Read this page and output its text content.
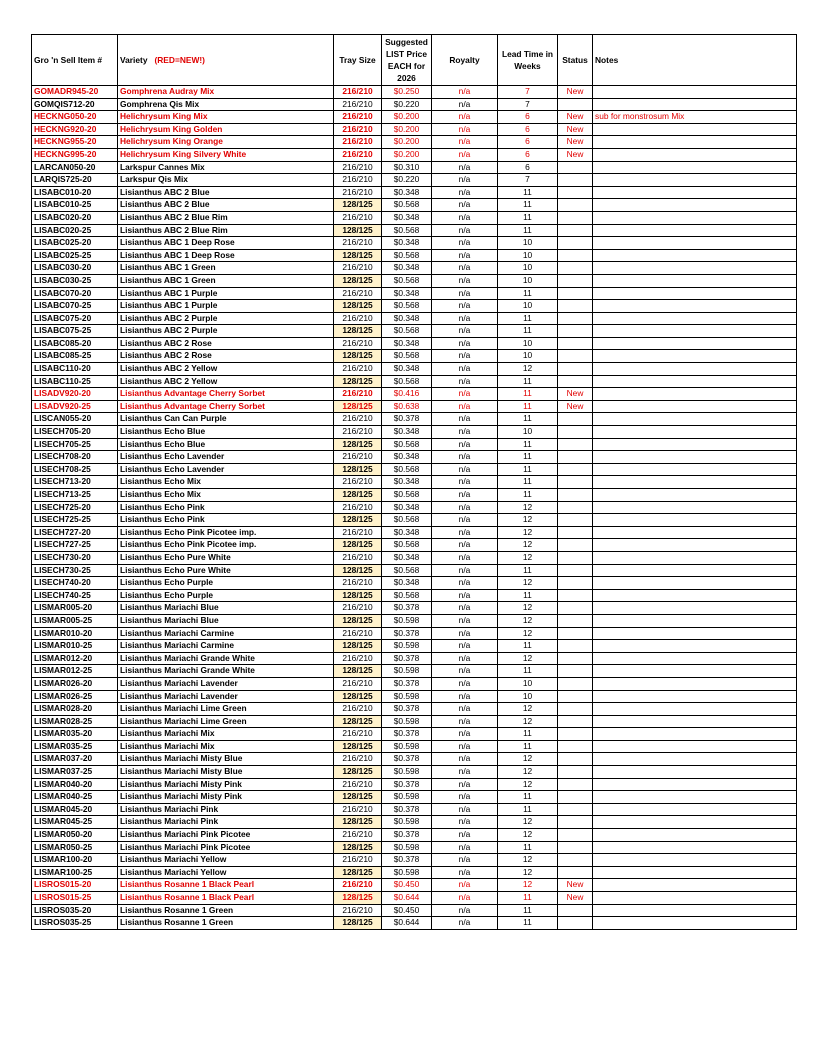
Gro 'n Sell Item #	Variety (RED=NEW!)	Tray Size	Suggested LIST Price EACH for 2026	Royalty	Lead Time in Weeks	Status	Notes
GOMADR945-20	Gomphrena Audray Mix	216/210	$0.250	n/a	7	New	
GOMQIS712-20	Gomphrena Qis Mix	216/210	$0.220	n/a	7		
HECKNG050-20	Helichrysum King Mix	216/210	$0.200	n/a	6	New	sub for monstrosum Mix
HECKNG920-20	Helichrysum King Golden	216/210	$0.200	n/a	6	New	
HECKNG955-20	Helichrysum King Orange	216/210	$0.200	n/a	6	New	
HECKNG995-20	Helichrysum King Silvery White	216/210	$0.200	n/a	6	New	
LARCAN050-20	Larkspur Cannes Mix	216/210	$0.310	n/a	6		
LARQIS725-20	Larkspur Qis Mix	216/210	$0.220	n/a	7		
LISABC010-20	Lisianthus ABC 2 Blue	216/210	$0.348	n/a	11		
LISABC010-25	Lisianthus ABC 2 Blue	128/125	$0.568	n/a	11		
LISABC020-20	Lisianthus ABC 2 Blue Rim	216/210	$0.348	n/a	11		
LISABC020-25	Lisianthus ABC 2 Blue Rim	128/125	$0.568	n/a	11		
LISABC025-20	Lisianthus ABC 1 Deep Rose	216/210	$0.348	n/a	10		
LISABC025-25	Lisianthus ABC 1 Deep Rose	128/125	$0.568	n/a	10		
LISABC030-20	Lisianthus ABC 1 Green	216/210	$0.348	n/a	10		
LISABC030-25	Lisianthus ABC 1 Green	128/125	$0.568	n/a	10		
LISABC070-20	Lisianthus ABC 1 Purple	216/210	$0.348	n/a	11		
LISABC070-25	Lisianthus ABC 1 Purple	128/125	$0.568	n/a	10		
LISABC075-20	Lisianthus ABC 2 Purple	216/210	$0.348	n/a	11		
LISABC075-25	Lisianthus ABC 2 Purple	128/125	$0.568	n/a	11		
LISABC085-20	Lisianthus ABC 2 Rose	216/210	$0.348	n/a	10		
LISABC085-25	Lisianthus ABC 2 Rose	128/125	$0.568	n/a	10		
LISABC110-20	Lisianthus ABC 2 Yellow	216/210	$0.348	n/a	12		
LISABC110-25	Lisianthus ABC 2 Yellow	128/125	$0.568	n/a	11		
LISADV920-20	Lisianthus Advantage Cherry Sorbet	216/210	$0.416	n/a	11	New	
LISADV920-25	Lisianthus Advantage Cherry Sorbet	128/125	$0.638	n/a	11	New	
LISCAN055-20	Lisianthus Can Can Purple	216/210	$0.378	n/a	11		
LISECH705-20	Lisianthus Echo Blue	216/210	$0.348	n/a	10		
LISECH705-25	Lisianthus Echo Blue	128/125	$0.568	n/a	11		
LISECH708-20	Lisianthus Echo Lavender	216/210	$0.348	n/a	11		
LISECH708-25	Lisianthus Echo Lavender	128/125	$0.568	n/a	11		
LISECH713-20	Lisianthus Echo Mix	216/210	$0.348	n/a	11		
LISECH713-25	Lisianthus Echo Mix	128/125	$0.568	n/a	11		
LISECH725-20	Lisianthus Echo Pink	216/210	$0.348	n/a	12		
LISECH725-25	Lisianthus Echo Pink	128/125	$0.568	n/a	12		
LISECH727-20	Lisianthus Echo Pink Picotee imp.	216/210	$0.348	n/a	12		
LISECH727-25	Lisianthus Echo Pink Picotee imp.	128/125	$0.568	n/a	12		
LISECH730-20	Lisianthus Echo Pure White	216/210	$0.348	n/a	12		
LISECH730-25	Lisianthus Echo Pure White	128/125	$0.568	n/a	11		
LISECH740-20	Lisianthus Echo Purple	216/210	$0.348	n/a	12		
LISECH740-25	Lisianthus Echo Purple	128/125	$0.568	n/a	11		
LISMAR005-20	Lisianthus Mariachi Blue	216/210	$0.378	n/a	12		
LISMAR005-25	Lisianthus Mariachi Blue	128/125	$0.598	n/a	12		
LISMAR010-20	Lisianthus Mariachi Carmine	216/210	$0.378	n/a	12		
LISMAR010-25	Lisianthus Mariachi Carmine	128/125	$0.598	n/a	11		
LISMAR012-20	Lisianthus Mariachi Grande White	216/210	$0.378	n/a	12		
LISMAR012-25	Lisianthus Mariachi Grande White	128/125	$0.598	n/a	11		
LISMAR026-20	Lisianthus Mariachi Lavender	216/210	$0.378	n/a	10		
LISMAR026-25	Lisianthus Mariachi Lavender	128/125	$0.598	n/a	10		
LISMAR028-20	Lisianthus Mariachi Lime Green	216/210	$0.378	n/a	12		
LISMAR028-25	Lisianthus Mariachi Lime Green	128/125	$0.598	n/a	12		
LISMAR035-20	Lisianthus Mariachi Mix	216/210	$0.378	n/a	11		
LISMAR035-25	Lisianthus Mariachi Mix	128/125	$0.598	n/a	11		
LISMAR037-20	Lisianthus Mariachi Misty Blue	216/210	$0.378	n/a	12		
LISMAR037-25	Lisianthus Mariachi Misty Blue	128/125	$0.598	n/a	12		
LISMAR040-20	Lisianthus Mariachi Misty Pink	216/210	$0.378	n/a	12		
LISMAR040-25	Lisianthus Mariachi Misty Pink	128/125	$0.598	n/a	11		
LISMAR045-20	Lisianthus Mariachi Pink	216/210	$0.378	n/a	11		
LISMAR045-25	Lisianthus Mariachi Pink	128/125	$0.598	n/a	12		
LISMAR050-20	Lisianthus Mariachi Pink Picotee	216/210	$0.378	n/a	12		
LISMAR050-25	Lisianthus Mariachi Pink Picotee	128/125	$0.598	n/a	11		
LISMAR100-20	Lisianthus Mariachi Yellow	216/210	$0.378	n/a	12		
LISMAR100-25	Lisianthus Mariachi Yellow	128/125	$0.598	n/a	12		
LISROS015-20	Lisianthus Rosanne 1 Black Pearl	216/210	$0.450	n/a	12	New	
LISROS015-25	Lisianthus Rosanne 1 Black Pearl	128/125	$0.644	n/a	11	New	
LISROS035-20	Lisianthus Rosanne 1 Green	216/210	$0.450	n/a	11		
LISROS035-25	Lisianthus Rosanne 1 Green	128/125	$0.644	n/a	11		
